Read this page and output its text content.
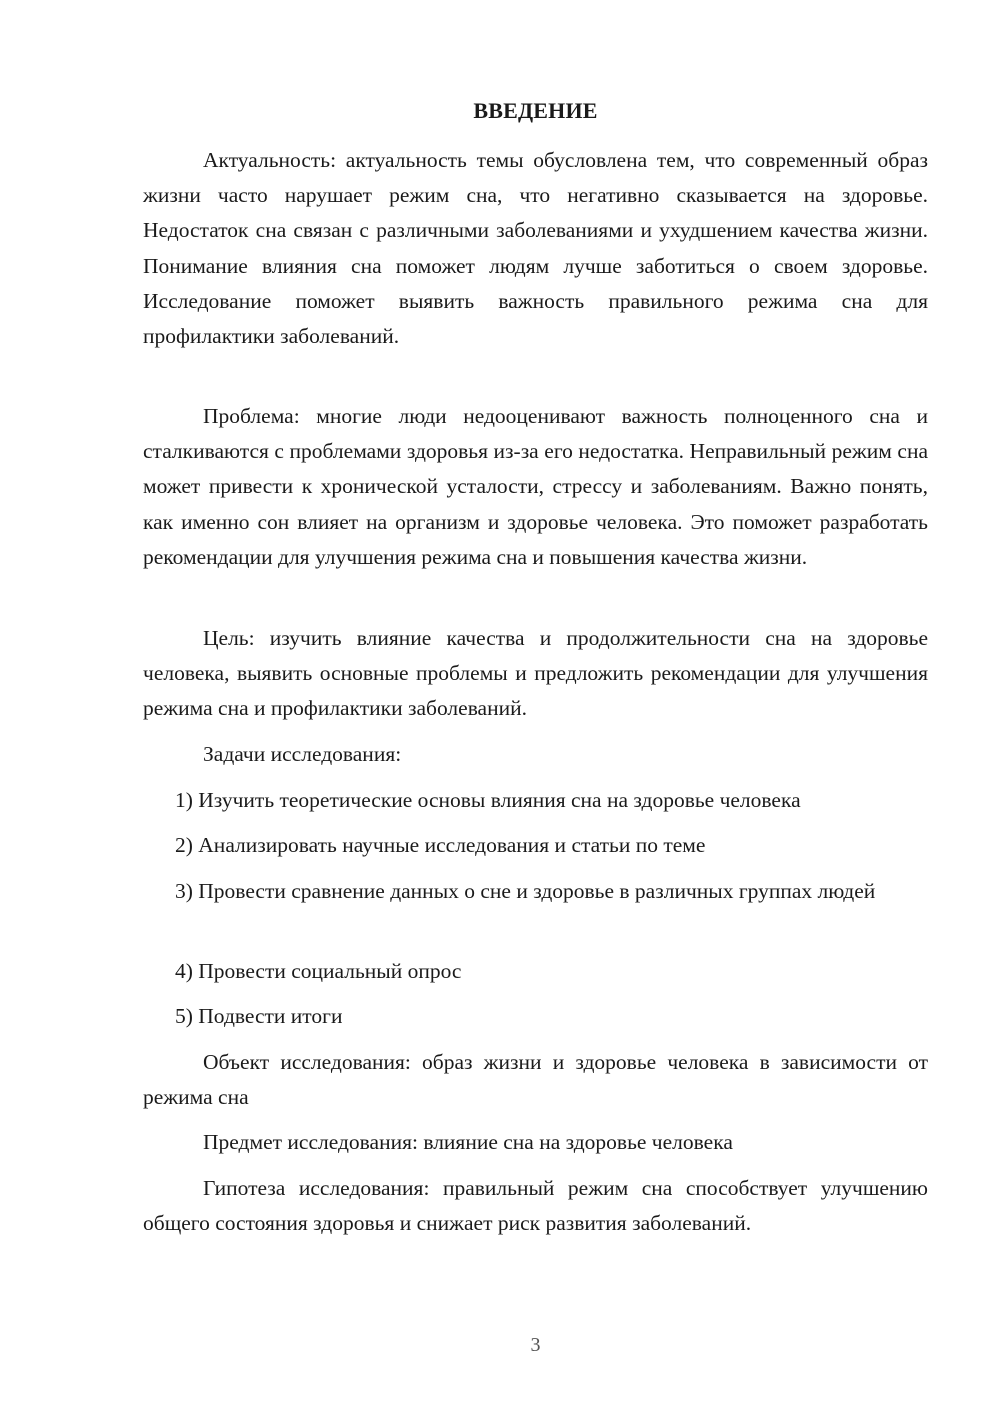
ВВЕДЕНИЕ

Актуальность: актуальность темы обусловлена тем, что современный образ жизни часто нарушает режим сна, что негативно сказывается на здоровье. Недостаток сна связан с различными заболеваниями и ухудшением качества жизни. Понимание влияния сна поможет людям лучше заботиться о своем здоровье. Исследование поможет выявить важность правильного режима сна для профилактики заболеваний.

Проблема: многие люди недооценивают важность полноценного сна и сталкиваются с проблемами здоровья из-за его недостатка. Неправильный режим сна может привести к хронической усталости, стрессу и заболеваниям. Важно понять, как именно сон влияет на организм и здоровье человека. Это поможет разработать рекомендации для улучшения режима сна и повышения качества жизни.

Цель: изучить влияние качества и продолжительности сна на здоровье человека, выявить основные проблемы и предложить рекомендации для улучшения режима сна и профилактики заболеваний.

Задачи исследования:

1) Изучить теоретические основы влияния сна на здоровье человека

2) Анализировать научные исследования и статьи по теме

3) Провести сравнение данных о сне и здоровье в различных группах людей

4) Провести социальный опрос

5) Подвести итоги

Объект исследования: образ жизни и здоровье человека в зависимости от режима сна

Предмет исследования: влияние сна на здоровье человека

Гипотеза исследования: правильный режим сна способствует улучшению общего состояния здоровья и снижает риск развития заболеваний.

3
